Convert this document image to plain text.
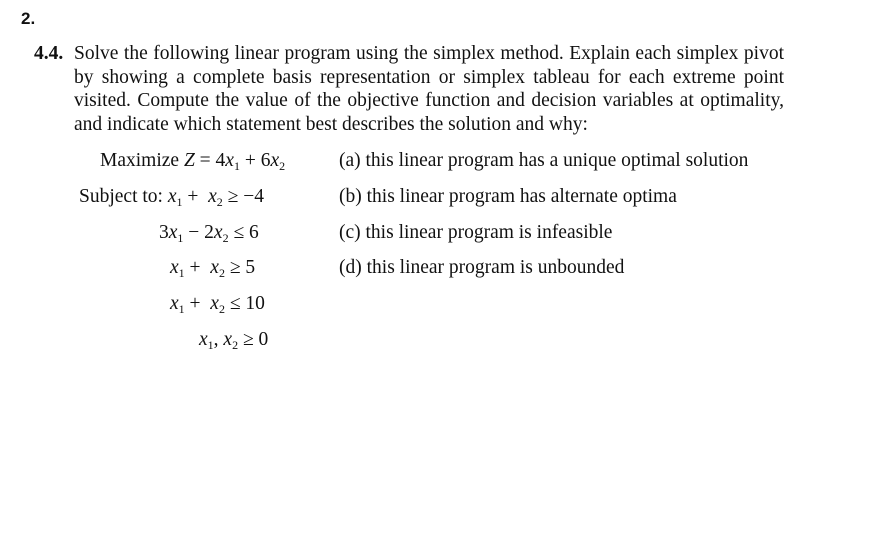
2.
4.4. Solve the following linear program using the simplex method. Explain each simplex pivot by showing a complete basis representation or simplex tableau for each extreme point visited. Compute the value of the objective function and decision variables at optimality, and indicate which statement best describes the solution and why:
Maximize $Z = 4x_1 + 6x_2$
Subject to: $x_1 + x_2 \ge -4$
$3x_1 - 2x_2 \le 6$
$x_1 + x_2 \ge 5$
$x_1 + x_2 \le 10$
$x_1$, $x_2 \ge 0$
(a) this linear program has a unique optimal solution
(b) this linear program has alternate optima
(c) this linear program is infeasible
(d) this linear program is unbounded
